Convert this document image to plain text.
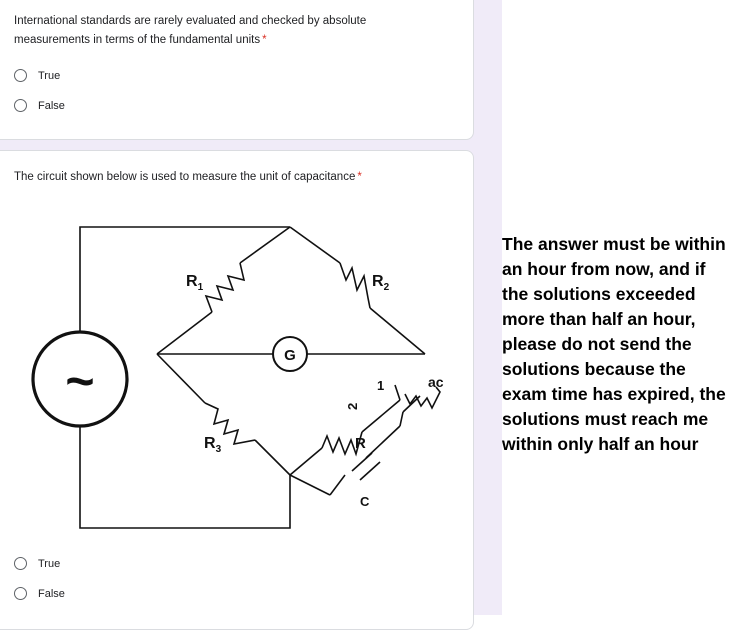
International standards are rarely evaluated and checked by absolute
measurements in terms of the fundamental units *
True
False
The circuit shown below is used to measure the unit of capacitance *
~	G
$R_1$	$R_2$
$R_3$	R
C
ac
1
2
True
False
The answer must be within an hour from now, and if the solutions exceeded more than half an hour, please do not send the solutions because the exam time has expired, the solutions must reach me within only half an hour
